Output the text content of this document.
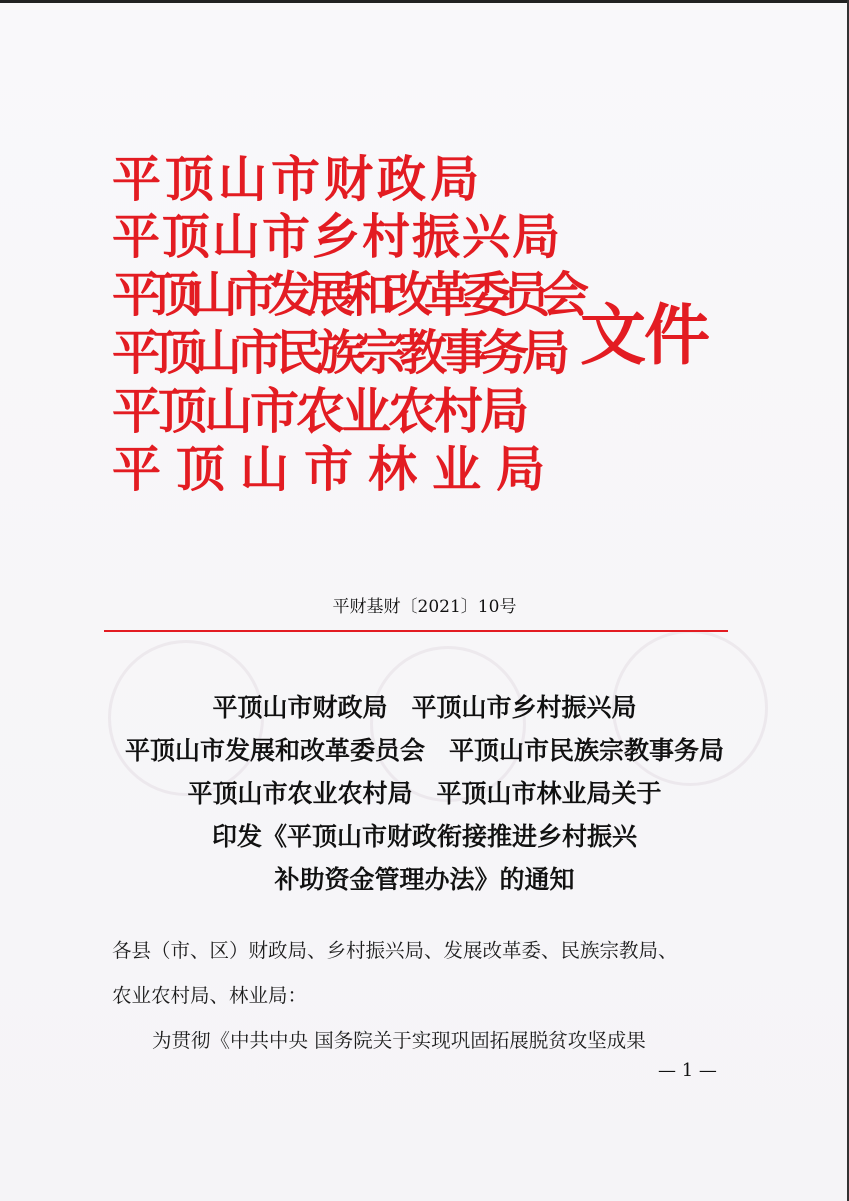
平顶山市财政局
平顶山市乡村振兴局
平顶山市发展和改革委员会
平顶山市民族宗教事务局
平顶山市农业农村局
平顶山市林业局
文件
平财基财〔2021〕10号
平顶山市财政局 平顶山市乡村振兴局
平顶山市发展和改革委员会 平顶山市民族宗教事务局
平顶山市农业农村局 平顶山市林业局关于
印发《平顶山市财政衔接推进乡村振兴
补助资金管理办法》的通知
各县（市、区）财政局、乡村振兴局、发展改革委、民族宗教局、
农业农村局、林业局：
为贯彻《中共中央 国务院关于实现巩固拓展脱贫攻坚成果
— 1 —
